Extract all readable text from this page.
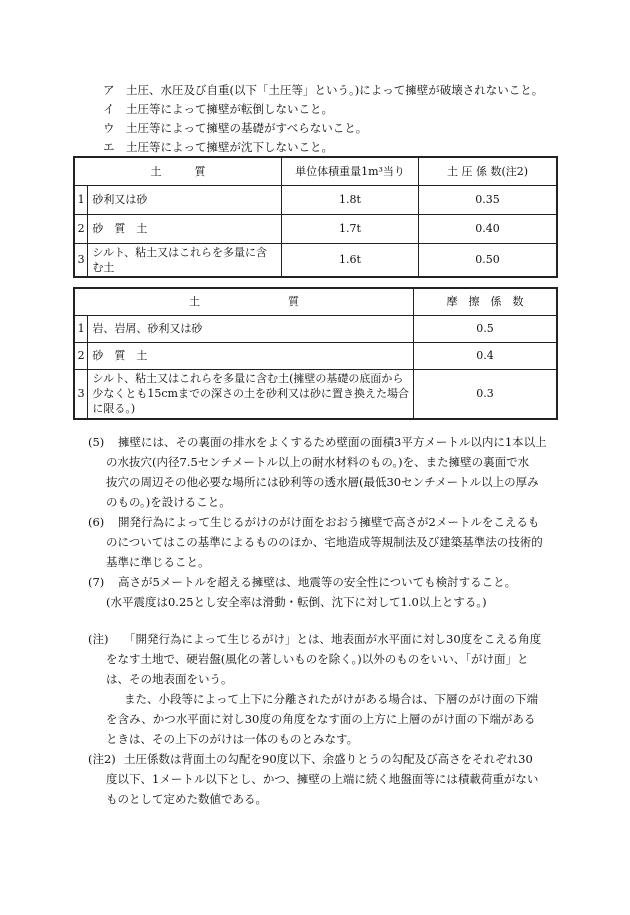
ア 土圧、水圧及び自重(以下「土圧等」という。)によって擁壁が破壊されないこと。
イ 土圧等によって擁壁が転倒しないこと。
ウ 土圧等によって擁壁の基礎がすべらないこと。
エ 土圧等によって擁壁が沈下しないこと。
土　　　質		単位体積重量1m³当り	土 圧 係 数(注2)
1	砂利又は砂	1.8t	0.35
2	砂　質　土	1.7t	0.40
3	シルト、粘土又はこれらを多量に含む土	1.6t	0.50
土　　　　　　　　質		摩　擦　係　数
1	岩、岩屑、砂利又は砂	0.5
2	砂　質　土	0.4
3	シルト、粘土又はこれらを多量に含む土(擁壁の基礎の底面から少なくとも15cmまでの深さの土を砂利又は砂に置き換えた場合に限る。)	0.3
(5) 擁壁には、その裏面の排水をよくするため壁面の面積3平方メートル以内に1本以上
の水抜穴(内径7.5センチメートル以上の耐水材料のもの。)を、また擁壁の裏面で水
抜穴の周辺その他必要な場所には砂利等の透水層(最低30センチメートル以上の厚み
のもの。)を設けること。
(6) 開発行為によって生じるがけのがけ面をおおう擁壁で高さが2メートルをこえるも
のについてはこの基準によるもののほか、宅地造成等規制法及び建築基準法の技術的
基準に準じること。
(7) 高さが5メートルを超える擁壁は、地震等の安全性についても検討すること。
(水平震度は0.25とし安全率は滑動・転倒、沈下に対して1.0以上とする。)
(注) 「開発行為によって生じるがけ」とは、地表面が水平面に対し30度をこえる角度
をなす土地で、硬岩盤(風化の著しいものを除く。)以外のものをいい、「がけ面」と
は、その地表面をいう。
また、小段等によって上下に分離されたがけがある場合は、下層のがけ面の下端
を含み、かつ水平面に対し30度の角度をなす面の上方に上層のがけ面の下端がある
ときは、その上下のがけは一体のものとみなす。
(注2) 土圧係数は背面土の勾配を90度以下、余盛りとうの勾配及び高さをそれぞれ30
度以下、1メートル以下とし、かつ、擁壁の上端に続く地盤面等には積載荷重がない
ものとして定めた数値である。
